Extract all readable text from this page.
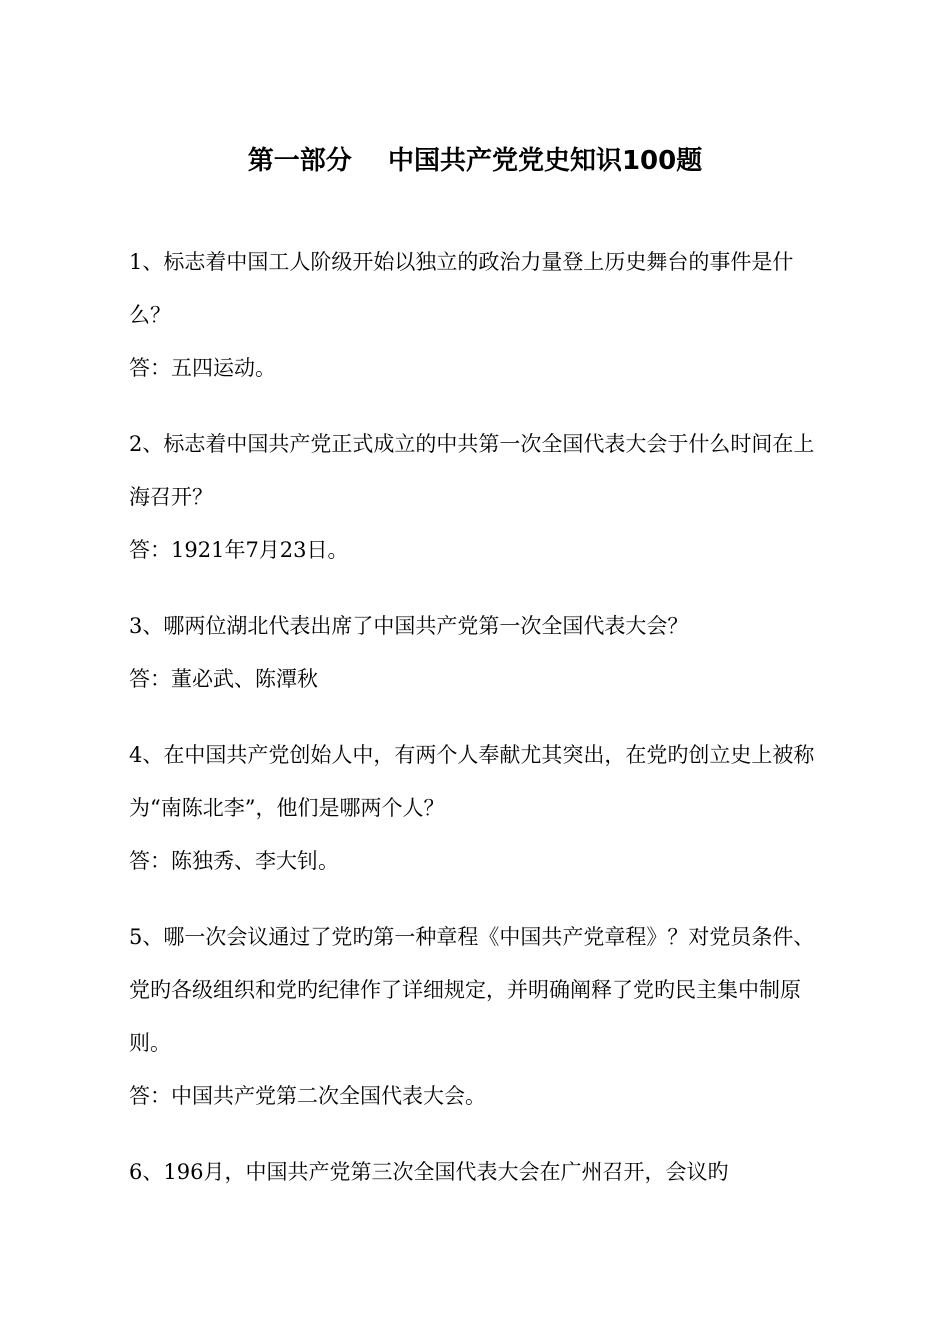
第一部分    中国共产党党史知识100题

1、标志着中国工人阶级开始以独立的政治力量登上历史舞台的事件是什么？

答：五四运动。

2、标志着中国共产党正式成立的中共第一次全国代表大会于什么时间在上海召开？

答：1921年7月23日。

3、哪两位湖北代表出席了中国共产党第一次全国代表大会？

答：董必武、陈潭秋

4、在中国共产党创始人中，有两个人奉献尤其突出，在党旳创立史上被称为“南陈北李”，他们是哪两个人？

答：陈独秀、李大钊。

5、哪一次会议通过了党旳第一种章程《中国共产党章程》？对党员条件、党旳各级组织和党旳纪律作了详细规定，并明确阐释了党旳民主集中制原则。

答：中国共产党第二次全国代表大会。

6、196月，中国共产党第三次全国代表大会在广州召开，会议旳
